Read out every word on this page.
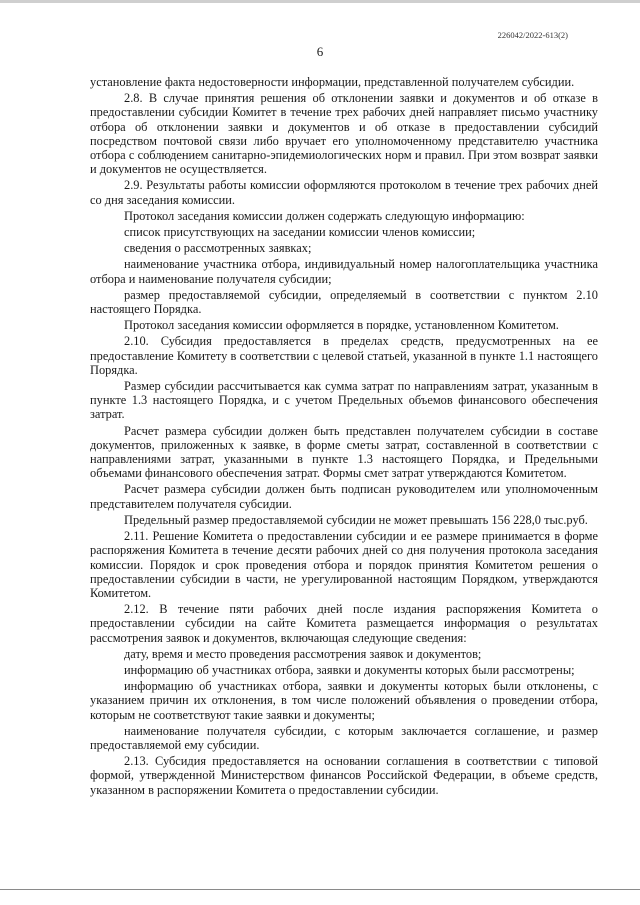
226042/2022-613(2)
6

установление факта недостоверности информации, представленной получателем субсидии.

2.8. В случае принятия решения об отклонении заявки и документов и об отказе в предоставлении субсидии Комитет в течение трех рабочих дней направляет письмо участнику отбора об отклонении заявки и документов и об отказе в предоставлении субсидий посредством почтовой связи либо вручает его уполномоченному представителю участника отбора с соблюдением санитарно-эпидемиологических норм и правил. При этом возврат заявки и документов не осуществляется.

2.9. Результаты работы комиссии оформляются протоколом в течение трех рабочих дней со дня заседания комиссии.

Протокол заседания комиссии должен содержать следующую информацию:

список присутствующих на заседании комиссии членов комиссии;

сведения о рассмотренных заявках;

наименование участника отбора, индивидуальный номер налогоплательщика участника отбора и наименование получателя субсидии;

размер предоставляемой субсидии, определяемый в соответствии с пунктом 2.10 настоящего Порядка.

Протокол заседания комиссии оформляется в порядке, установленном Комитетом.

2.10. Субсидия предоставляется в пределах средств, предусмотренных на ее предоставление Комитету в соответствии с целевой статьей, указанной в пункте 1.1 настоящего Порядка.

Размер субсидии рассчитывается как сумма затрат по направлениям затрат, указанным в пункте 1.3 настоящего Порядка, и с учетом Предельных объемов финансового обеспечения затрат.

Расчет размера субсидии должен быть представлен получателем субсидии в составе документов, приложенных к заявке, в форме сметы затрат, составленной в соответствии с направлениями затрат, указанными в пункте 1.3 настоящего Порядка, и Предельными объемами финансового обеспечения затрат. Формы смет затрат утверждаются Комитетом.

Расчет размера субсидии должен быть подписан руководителем или уполномоченным представителем получателя субсидии.

Предельный размер предоставляемой субсидии не может превышать 156 228,0 тыс.руб.

2.11. Решение Комитета о предоставлении субсидии и ее размере принимается в форме распоряжения Комитета в течение десяти рабочих дней со дня получения протокола заседания комиссии. Порядок и срок проведения отбора и порядок принятия Комитетом решения о предоставлении субсидии в части, не урегулированной настоящим Порядком, утверждаются Комитетом.

2.12. В течение пяти рабочих дней после издания распоряжения Комитета о предоставлении субсидии на сайте Комитета размещается информация о результатах рассмотрения заявок и документов, включающая следующие сведения:

дату, время и место проведения рассмотрения заявок и документов;

информацию об участниках отбора, заявки и документы которых были рассмотрены;

информацию об участниках отбора, заявки и документы которых были отклонены, с указанием причин их отклонения, в том числе положений объявления о проведении отбора, которым не соответствуют такие заявки и документы;

наименование получателя субсидии, с которым заключается соглашение, и размер предоставляемой ему субсидии.

2.13. Субсидия предоставляется на основании соглашения в соответствии с типовой формой, утвержденной Министерством финансов Российской Федерации, в объеме средств, указанном в распоряжении Комитета о предоставлении субсидии.
